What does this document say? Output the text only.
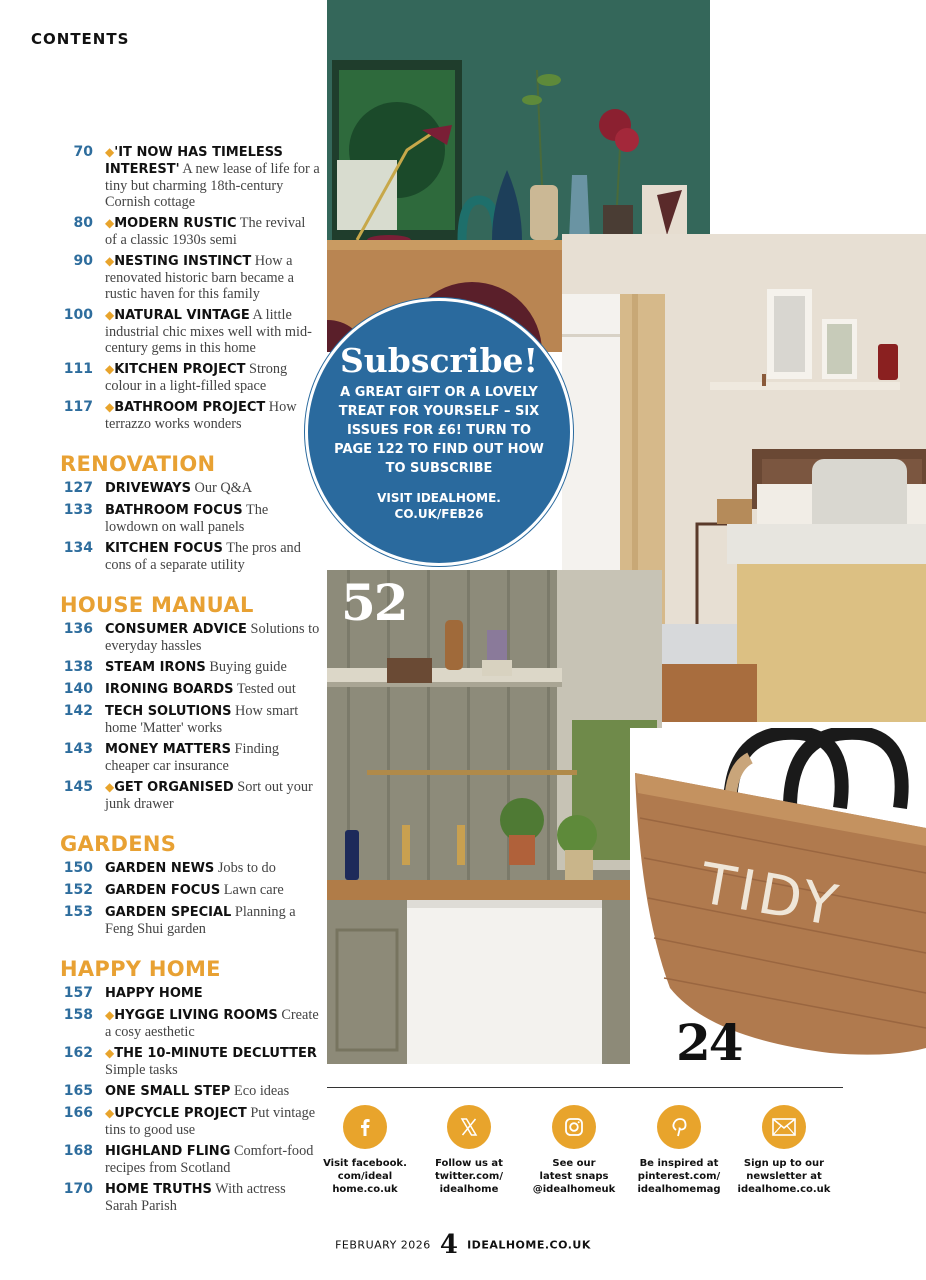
CONTENTS
70 ◆'IT NOW HAS TIMELESS INTEREST' A new lease of life for a tiny but charming 18th-century Cornish cottage
80 ◆MODERN RUSTIC The revival of a classic 1930s semi
90 ◆NESTING INSTINCT How a renovated historic barn became a rustic haven for this family
100 ◆NATURAL VINTAGE A little industrial chic mixes well with mid-century gems in this home
111 ◆KITCHEN PROJECT Strong colour in a light-filled space
117 ◆BATHROOM PROJECT How terrazzo works wonders
RENOVATION
127 DRIVEWAYS Our Q&A
133 BATHROOM FOCUS The lowdown on wall panels
134 KITCHEN FOCUS The pros and cons of a separate utility
HOUSE MANUAL
136 CONSUMER ADVICE Solutions to everyday hassles
138 STEAM IRONS Buying guide
140 IRONING BOARDS Tested out
142 TECH SOLUTIONS How smart home 'Matter' works
143 MONEY MATTERS Finding cheaper car insurance
145 ◆GET ORGANISED Sort out your junk drawer
GARDENS
150 GARDEN NEWS Jobs to do
152 GARDEN FOCUS Lawn care
153 GARDEN SPECIAL Planning a Feng Shui garden
HAPPY HOME
157 HAPPY HOME
158 ◆HYGGE LIVING ROOMS Create a cosy aesthetic
162 ◆THE 10-MINUTE DECLUTTER Simple tasks
165 ONE SMALL STEP Eco ideas
166 ◆UPCYCLE PROJECT Put vintage tins to good use
168 HIGHLAND FLING Comfort-food recipes from Scotland
170 HOME TRUTHS With actress Sarah Parish
52
TIDY
24
Subscribe!
A GREAT GIFT OR A LOVELY TREAT FOR YOURSELF – SIX ISSUES FOR £6! TURN TO PAGE 122 TO FIND OUT HOW TO SUBSCRIBE
VISIT IDEALHOME. CO.UK/FEB26
Visit facebook.
com/ideal
home.co.uk
Follow us at
twitter.com/
idealhome
See our
latest snaps
@idealhomeuk
Be inspired at
pinterest.com/
idealhomemag
Sign up to our
newsletter at
idealhome.co.uk
FEBRUARY 2026 4 IDEALHOME.CO.UK
